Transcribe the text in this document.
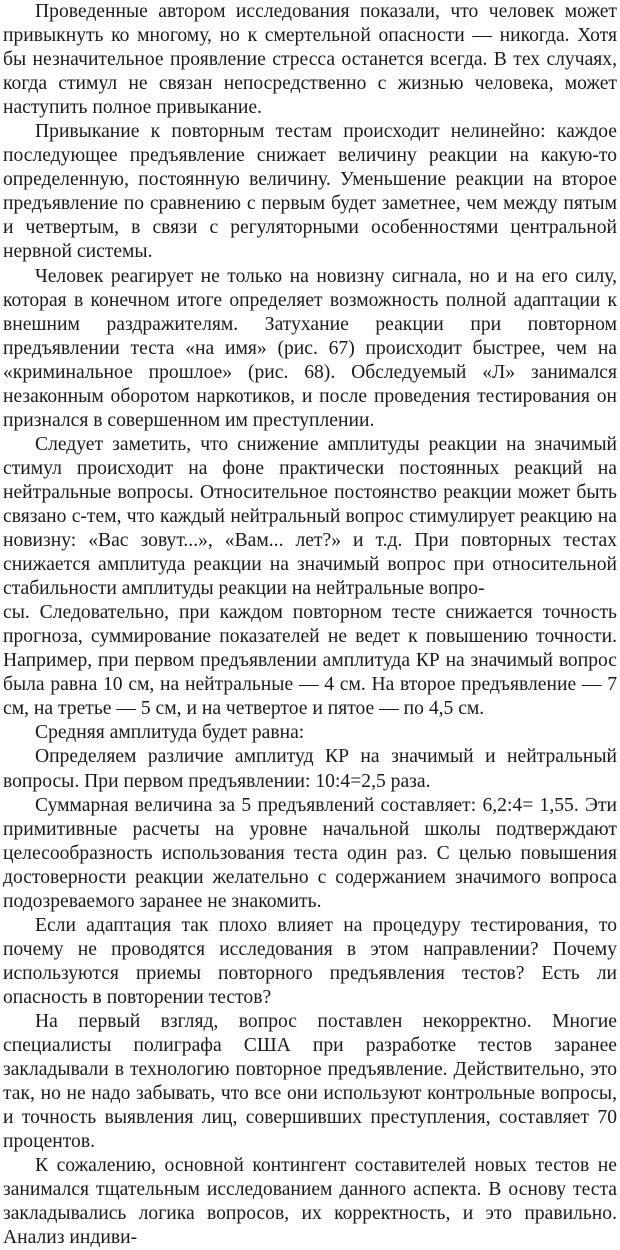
Проведенные автором исследования показали, что человек может привыкнуть ко многому, но к смертельной опасности — никогда. Хотя бы незначительное проявление стресса останется всегда. В тех случаях, когда стимул не связан непосредственно с жизнью человека, может наступить полное привыкание.

Привыкание к повторным тестам происходит нелинейно: каждое последующее предъявление снижает величину реакции на какую-то определенную, постоянную величину. Уменьшение реакции на второе предъявление по сравнению с первым будет заметнее, чем между пятым и четвертым, в связи с регуляторными особенностями центральной нервной системы.

Человек реагирует не только на новизну сигнала, но и на его силу, которая в конечном итоге определяет возможность полной адаптации к внешним раздражителям. Затухание реакции при повторном предъявлении теста «на имя» (рис. 67) происходит быстрее, чем на «криминальное прошлое» (рис. 68). Обследуемый «Л» занимался незаконным оборотом наркотиков, и после проведения тестирования он признался в совершенном им преступлении.

Следует заметить, что снижение амплитуды реакции на значимый стимул происходит на фоне практически постоянных реакций на нейтральные вопросы. Относительное постоянство реакции может быть связано с-тем, что каждый нейтральный вопрос стимулирует реакцию на новизну: «Вас зовут...», «Вам... лет?» и т.д. При повторных тестах снижается амплитуда реакции на значимый вопрос при относительной стабильности амплитуды реакции на нейтральные вопро-

сы. Следовательно, при каждом повторном тесте снижается точность прогноза, суммирование показателей не ведет к повышению точности. Например, при первом предъявлении амплитуда КР на значимый вопрос была равна 10 см, на нейтральные — 4 см. На второе предъявление — 7 см, на третье — 5 см, и на четвертое и пятое — по 4,5 см.

Средняя амплитуда будет равна:

Определяем различие амплитуд КР на значимый и нейтральный вопросы. При первом предъявлении: 10:4=2,5 раза.

Суммарная величина за 5 предъявлений составляет: 6,2:4= 1,55. Эти примитивные расчеты на уровне начальной школы подтверждают целесообразность использования теста один раз. С целью повышения достоверности реакции желательно с содержанием значимого вопроса подозреваемого заранее не знакомить.

Если адаптация так плохо влияет на процедуру тестирования, то почему не проводятся исследования в этом направлении? Почему используются приемы повторного предъявления тестов? Есть ли опасность в повторении тестов?

На первый взгляд, вопрос поставлен некорректно. Многие специалисты полиграфа США при разработке тестов заранее закладывали в технологию повторное предъявление. Действительно, это так, но не надо забывать, что все они используют контрольные вопросы, и точность выявления лиц, совершивших преступления, составляет 70 процентов.

К сожалению, основной контингент составителей новых тестов не занимался тщательным исследованием данного аспекта. В основу теста закладывались логика вопросов, их корректность, и это правильно. Анализ индиви-
